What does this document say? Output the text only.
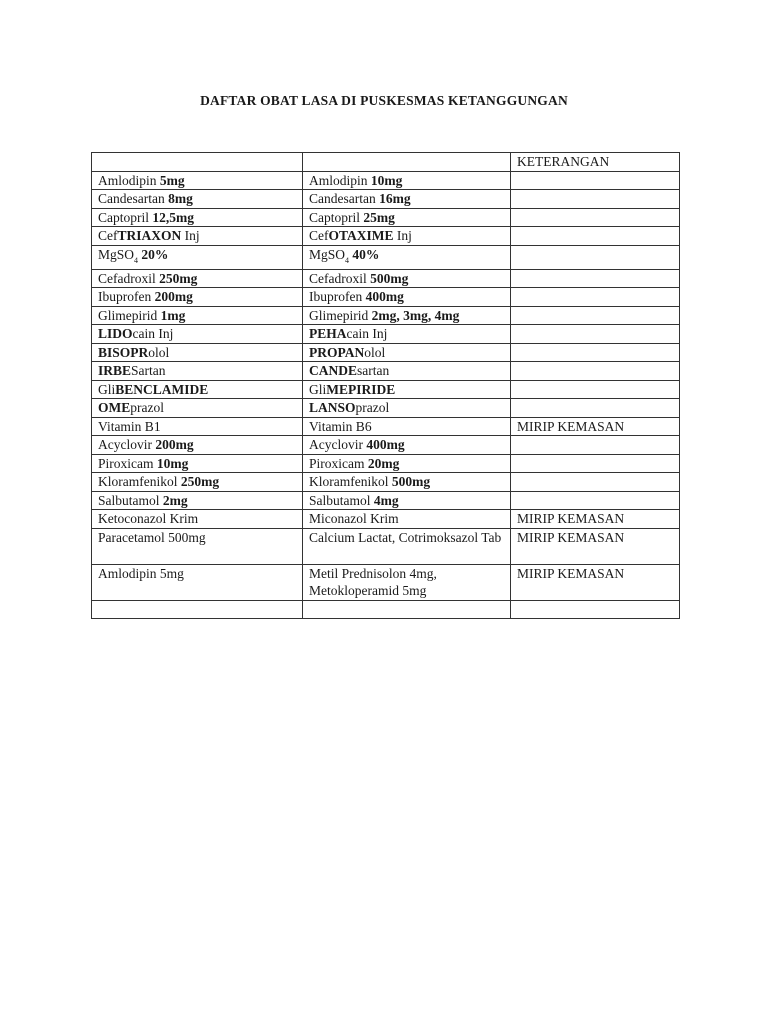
DAFTAR OBAT LASA DI PUSKESMAS KETANGGUNGAN
		KETERANGAN
Amlodipin 5mg	Amlodipin 10mg	
Candesartan 8mg	Candesartan 16mg	
Captopril 12,5mg	Captopril 25mg	
CefTRIAXON Inj	CefOTAXIME Inj	
MgSO$_4$ 20%	MgSO$_4$ 40%	
Cefadroxil 250mg	Cefadroxil 500mg	
Ibuprofen 200mg	Ibuprofen 400mg	
Glimepirid 1mg	Glimepirid 2mg, 3mg, 4mg	
LIDOcain Inj	PEHAcain Inj	
BISOPRolol	PROPANolol	
IRBESartan	CANDEsartan	
GliBENCLAMIDE	GliMEPIRIDE	
OMEprazol	LANSOprazol	
Vitamin B1	Vitamin B6	MIRIP KEMASAN
Acyclovir 200mg	Acyclovir 400mg	
Piroxicam 10mg	Piroxicam 20mg	
Kloramfenikol 250mg	Kloramfenikol 500mg	
Salbutamol 2mg	Salbutamol 4mg	
Ketoconazol Krim	Miconazol Krim	MIRIP KEMASAN
Paracetamol 500mg	Calcium Lactat, Cotrimoksazol Tab	MIRIP KEMASAN
Amlodipin 5mg	Metil Prednisolon 4mg, Metokloperamid 5mg	MIRIP KEMASAN
